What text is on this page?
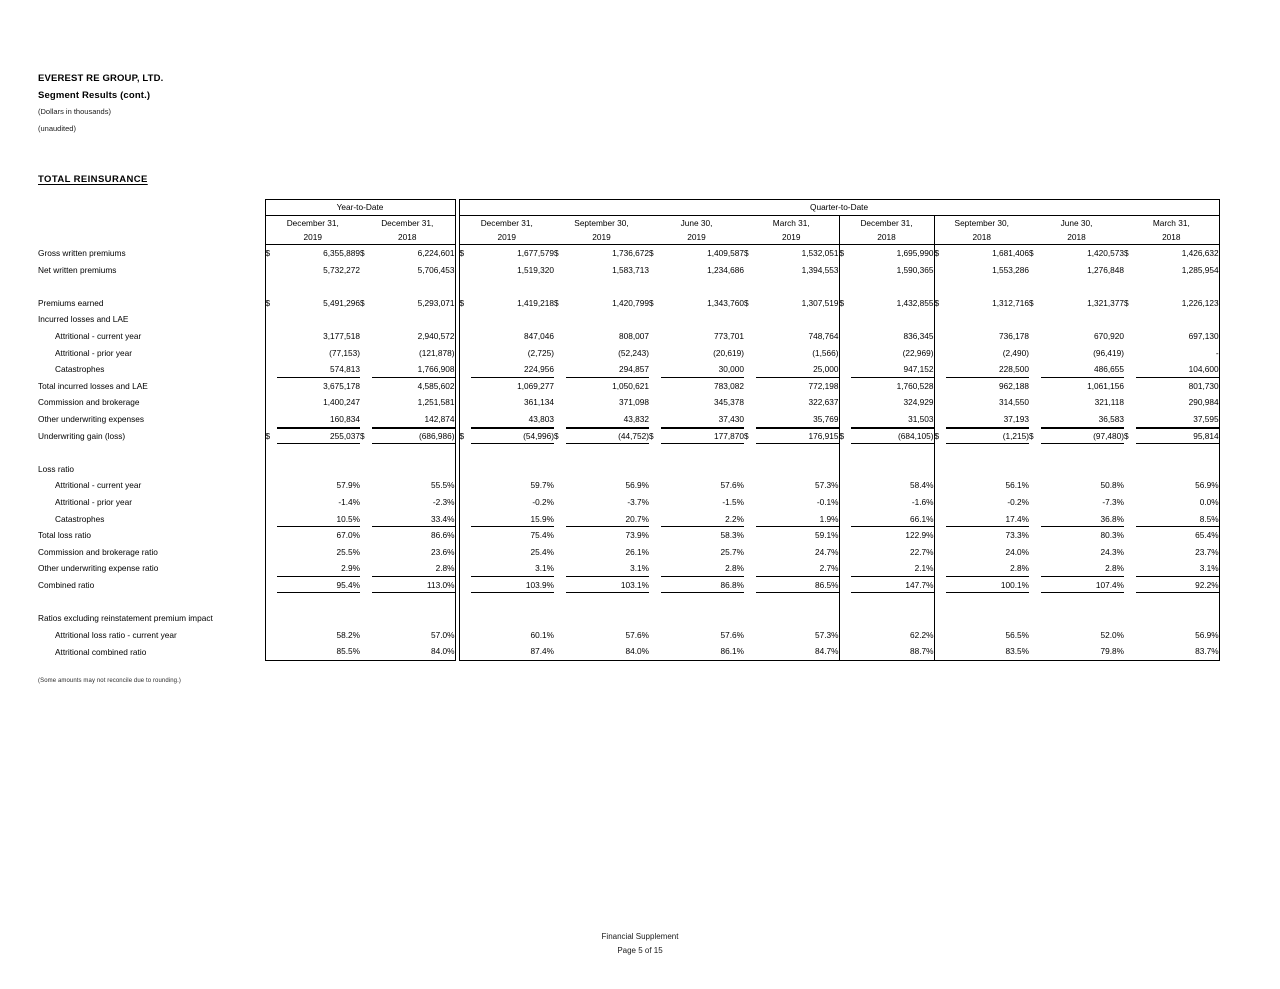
EVEREST RE GROUP, LTD.
Segment Results (cont.)
(Dollars in thousands)
(unaudited)
TOTAL REINSURANCE
	Year-to-Date					Quarter-to-Date															
	December 31,		December 31,			December 31,		September 30,		June 30,		March 31,		December 31,		September 30,		June 30,		March 31,	
	2019		2018			2019		2019		2019		2019		2018		2018		2018		2018	
Gross written premiums	$	6,355,889	$	6,224,601		$	1,677,579	$	1,736,672	$	1,409,587	$	1,532,051	$	1,695,990	$	1,681,406	$	1,420,573	$	1,426,632
Net written premiums		5,732,272		5,706,453			1,519,320		1,583,713		1,234,686		1,394,553		1,590,365		1,553,286		1,276,848		1,285,954

Premiums earned	$	5,491,296	$	5,293,071		$	1,419,218	$	1,420,799	$	1,343,760	$	1,307,519	$	1,432,855	$	1,312,716	$	1,321,377	$	1,226,123
Incurred losses and LAE																					
Attritional - current year		3,177,518		2,940,572			847,046		808,007		773,701		748,764		836,345		736,178		670,920		697,130
Attritional - prior year		(77,153)		(121,878)			(2,725)		(52,243)		(20,619)		(1,566)		(22,969)		(2,490)		(96,419)		-
Catastrophes		574,813		1,766,908			224,956		294,857		30,000		25,000		947,152		228,500		486,655		104,600
Total incurred losses and LAE		3,675,178		4,585,602			1,069,277		1,050,621		783,082		772,198		1,760,528		962,188		1,061,156		801,730
Commission and brokerage		1,400,247		1,251,581			361,134		371,098		345,378		322,637		324,929		314,550		321,118		290,984
Other underwriting expenses		160,834		142,874			43,803		43,832		37,430		35,769		31,503		37,193		36,583		37,595
Underwriting gain (loss)	$	255,037	$	(686,986)		$	(54,996)	$	(44,752)	$	177,870	$	176,915	$	(684,105)	$	(1,215)	$	(97,480)	$	95,814

Loss ratio																					
Attritional - current year		57.9%		55.5%			59.7%		56.9%		57.6%		57.3%		58.4%		56.1%		50.8%		56.9%
Attritional - prior year		-1.4%		-2.3%			-0.2%		-3.7%		-1.5%		-0.1%		-1.6%		-0.2%		-7.3%		0.0%
Catastrophes		10.5%		33.4%			15.9%		20.7%		2.2%		1.9%		66.1%		17.4%		36.8%		8.5%
Total loss ratio		67.0%		86.6%			75.4%		73.9%		58.3%		59.1%		122.9%		73.3%		80.3%		65.4%
Commission and brokerage ratio		25.5%		23.6%			25.4%		26.1%		25.7%		24.7%		22.7%		24.0%		24.3%		23.7%
Other underwriting expense ratio		2.9%		2.8%			3.1%		3.1%		2.8%		2.7%		2.1%		2.8%		2.8%		3.1%
Combined ratio		95.4%		113.0%			103.9%		103.1%		86.8%		86.5%		147.7%		100.1%		107.4%		92.2%

Ratios excluding reinstatement premium impact																					
Attritional loss ratio - current year		58.2%		57.0%			60.1%		57.6%		57.6%		57.3%		62.2%		56.5%		52.0%		56.9%
Attritional combined ratio		85.5%		84.0%			87.4%		84.0%		86.1%		84.7%		88.7%		83.5%		79.8%		83.7%

(Some amounts may not reconcile due to rounding.)
Financial Supplement
Page 5 of 15
